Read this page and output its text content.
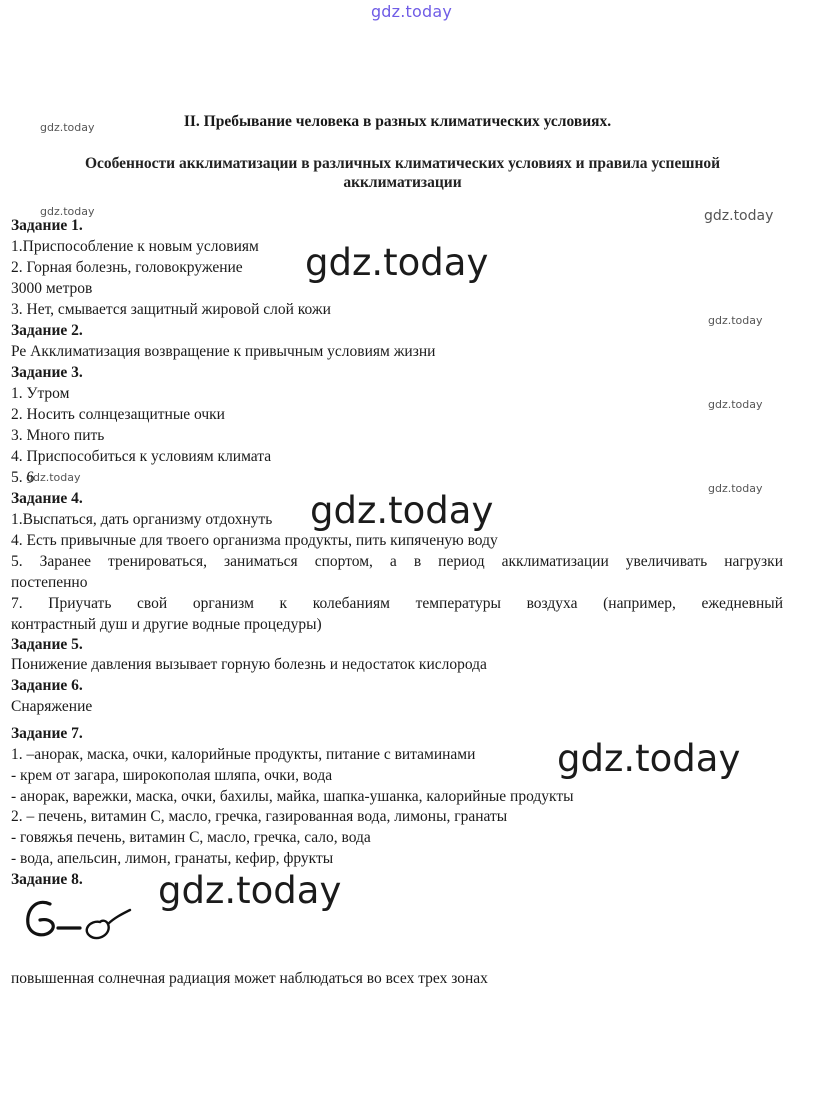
gdz.today
gdz.today
gdz.today	gdz.today
gdz.today
gdz.today
gdz.today
gdz.today
II. Пребывание человека в разных климатических условиях.
Особенности акклиматизации в различных климатических условиях и правила успешной
акклиматизации
Задание 1.
1.Приспособление к новым условиям
2. Горная болезнь, головокружение
3000 метров
3. Нет, смывается защитный жировой слой кожи
Задание 2.
Ре Акклиматизация возвращение к привычным условиям жизни
Задание 3.
1. Утром
2. Носить солнцезащитные очки
3. Много пить
4. Приспособиться к условиям климата
5. 6
Задание 4.
1.Выспаться, дать организму отдохнуть
4. Есть привычные для твоего организма продукты, пить кипяченую воду
5. Заранее тренироваться, заниматься спортом, а в период акклиматизации увеличивать нагрузки
постепенно
7. Приучать свой организм к колебаниям температуры воздуха (например, ежедневный
контрастный душ и другие водные процедуры)
Задание 5.
Понижение давления вызывает горную болезнь и недостаток кислорода
Задание 6.
Снаряжение
Задание 7.
1. –анорак, маска, очки, калорийные продукты, питание с витаминами
- крем от загара, широкополая шляпа, очки, вода
- анорак, варежки, маска, очки, бахилы, майка, шапка-ушанка, калорийные продукты
2. – печень, витамин С, масло, гречка, газированная вода, лимоны, гранаты
- говяжья печень, витамин С, масло, гречка, сало, вода
- вода, апельсин, лимон, гранаты, кефир, фрукты
Задание 8.
повышенная солнечная радиация может наблюдаться во всех трех зонах
gdz.today
gdz.today
gdz.today
gdz.today
